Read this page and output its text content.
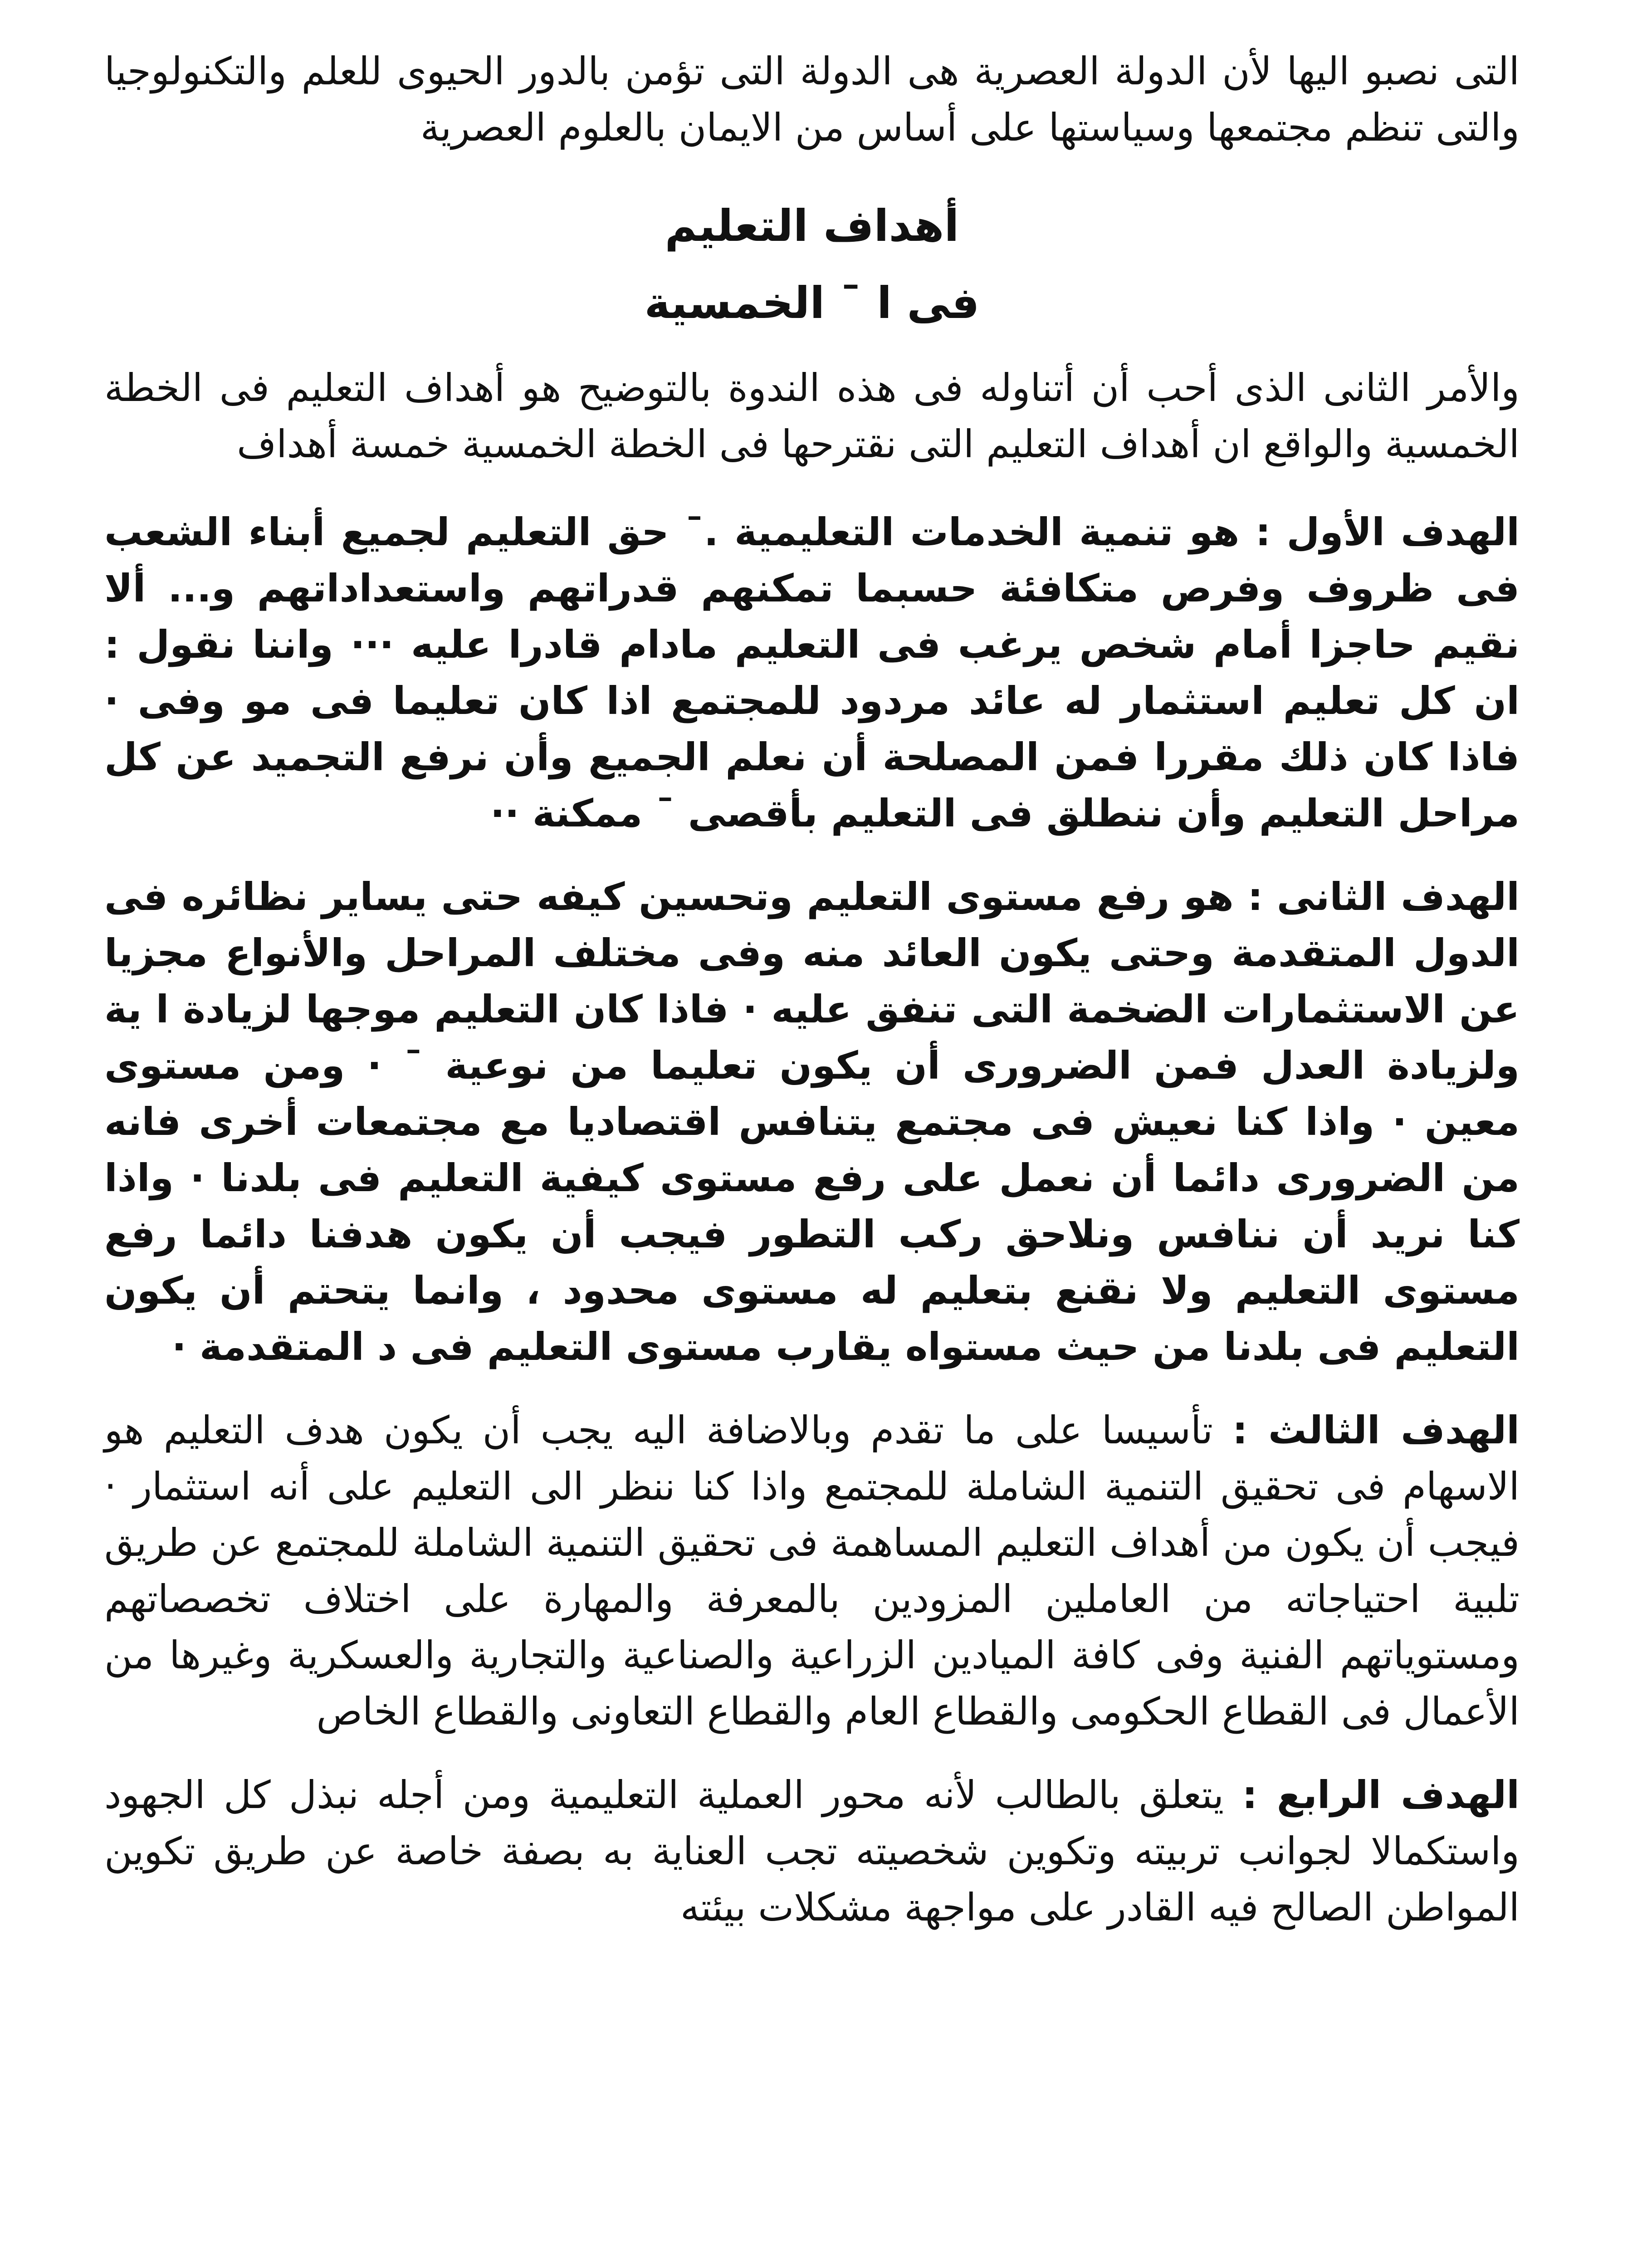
التى نصبو اليها لأن الدولة العصرية هى الدولة التى تؤمن بالدور الحيوى للعلم والتكنولوجيا والتى تنظم مجتمعها وسياستها على أساس من الايمان بالعلوم العصرية

أهداف التعليم

فى ا ¯ الخمسية

والأمر الثانى الذى أحب أن أتناوله فى هذه الندوة بالتوضيح هو أهداف التعليم فى الخطة الخمسية والواقع ان أهداف التعليم التى نقترحها فى الخطة الخمسية خمسة أهداف

الهدف الأول : هو تنمية الخدمات التعليمية .¯ حق التعليم لجميع أبناء الشعب فى ظروف وفرص متكافئة حسبما تمكنهم قدراتهم واستعداداتهم و... ألا نقيم حاجزا أمام شخص يرغب فى التعليم مادام قادرا عليه ··· واننا نقول : ان كل تعليم استثمار له عائد مردود للمجتمع اذا كان تعليما فى مو وفى · فاذا كان ذلك مقررا فمن المصلحة أن نعلم الجميع وأن نرفع التجميد عن كل مراحل التعليم وأن ننطلق فى التعليم بأقصى ¯ ممكنة ··

الهدف الثانى : هو رفع مستوى التعليم وتحسين كيفه حتى يساير نظائره فى الدول المتقدمة وحتى يكون العائد منه وفى مختلف المراحل والأنواع مجزيا عن الاستثمارات الضخمة التى تنفق عليه · فاذا كان التعليم موجها لزيادة ا ية ولزيادة العدل فمن الضرورى أن يكون تعليما من نوعية ¯ · ومن مستوى معين · واذا كنا نعيش فى مجتمع يتنافس اقتصاديا مع مجتمعات أخرى فانه من الضرورى دائما أن نعمل على رفع مستوى كيفية التعليم فى بلدنا · واذا كنا نريد أن ننافس ونلاحق ركب التطور فيجب أن يكون هدفنا دائما رفع مستوى التعليم ولا نقنع بتعليم له مستوى محدود ، وانما يتحتم أن يكون التعليم فى بلدنا من حيث مستواه يقارب مستوى التعليم فى د المتقدمة ·

الهدف الثالث : تأسيسا على ما تقدم وبالاضافة اليه يجب أن يكون هدف التعليم هو الاسهام فى تحقيق التنمية الشاملة للمجتمع واذا كنا ننظر الى التعليم على أنه استثمار · فيجب أن يكون من أهداف التعليم المساهمة فى تحقيق التنمية الشاملة للمجتمع عن طريق تلبية احتياجاته من العاملين المزودين بالمعرفة والمهارة على اختلاف تخصصاتهم ومستوياتهم الفنية وفى كافة الميادين الزراعية والصناعية والتجارية والعسكرية وغيرها من الأعمال فى القطاع الحكومى والقطاع العام والقطاع التعاونى والقطاع الخاص

الهدف الرابع : يتعلق بالطالب لأنه محور العملية التعليمية ومن أجله نبذل كل الجهود واستكمالا لجوانب تربيته وتكوين شخصيته تجب العناية به بصفة خاصة عن طريق تكوين المواطن الصالح فيه القادر على مواجهة مشكلات بيئته
